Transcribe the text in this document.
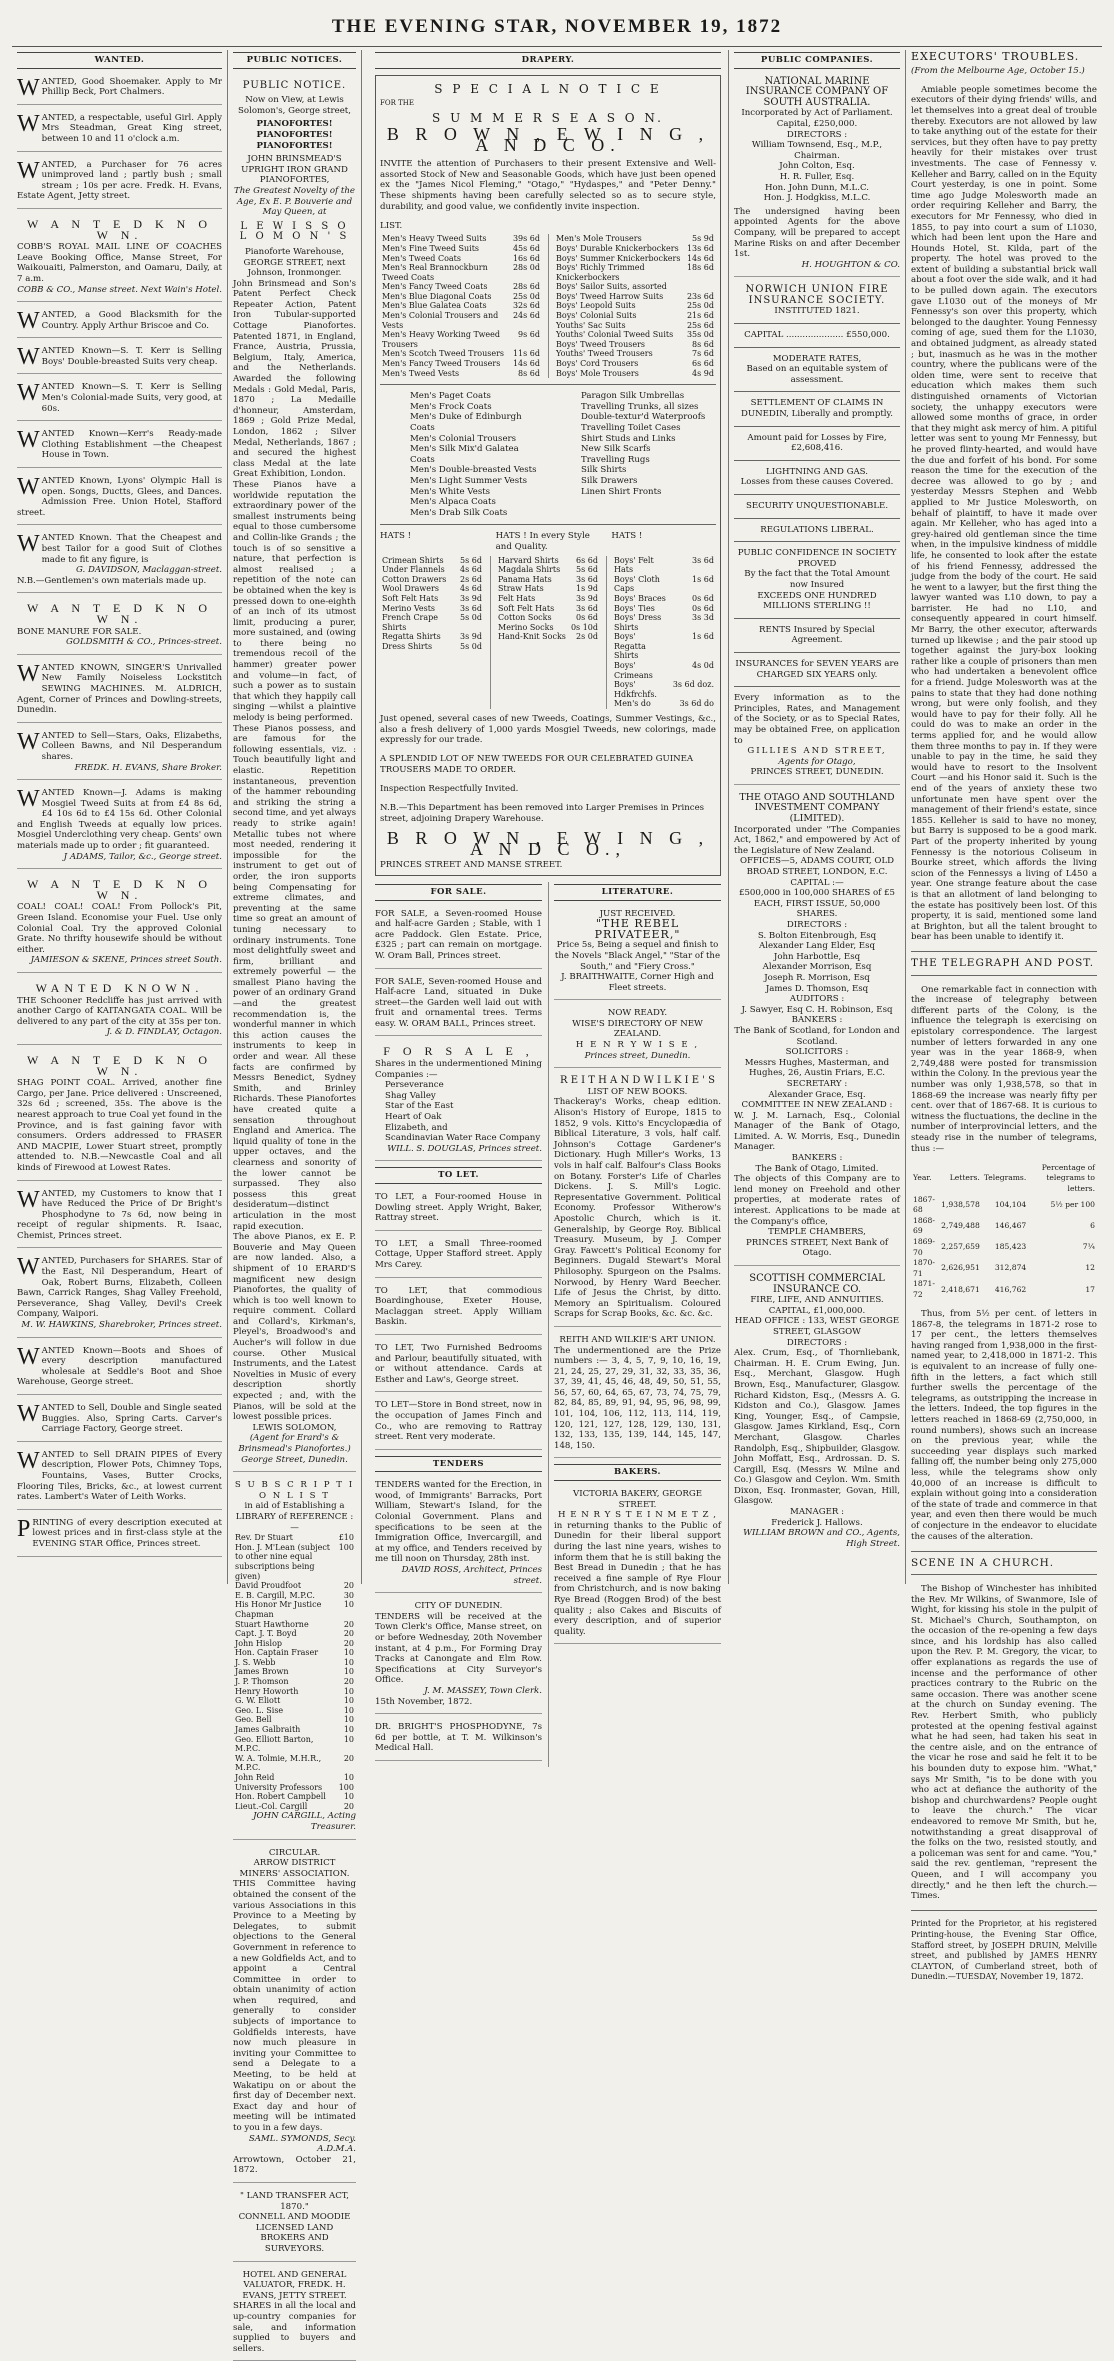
THE EVENING STAR, NOVEMBER 19, 1872
WANTED.

WANTED, Good Shoemaker. Apply to Mr Phillip Beck, Port Chalmers.

WANTED, a respectable, useful Girl. Apply Mrs Steadman, Great King street, between 10 and 11 o'clock a.m.

WANTED, a Purchaser for 76 acres unimproved land ; partly bush ; small stream ; 10s per acre. Fredk. H. Evans, Estate Agent, Jetty street.

W A N T E D K N O W N.

COBB'S ROYAL MAIL LINE OF COACHES Leave Booking Office, Manse Street, For Waikouaiti, Palmerston, and Oamaru, Daily, at 7 a.m.

COBB & CO., Manse street. Next Wain's Hotel.

WANTED, a Good Blacksmith for the Country. Apply Arthur Briscoe and Co.

WANTED Known—S. T. Kerr is Selling Boys' Double-breasted Suits very cheap.

WANTED Known—S. T. Kerr is Selling Men's Colonial-made Suits, very good, at 60s.

WANTED Known—Kerr's Ready-made Clothing Establishment —the Cheapest House in Town.

WANTED Known, Lyons' Olympic Hall is open. Songs, Ductts, Glees, and Dances. Admission Free. Union Hotel, Stafford street.

WANTED Known. That the Cheapest and best Tailor for a good Suit of Clothes made to fit any figure, is

G. DAVIDSON, Maclaggan-street.

N.B.—Gentlemen's own materials made up.

W A N T E D K N O W N.

BONE MANURE FOR SALE.

GOLDSMITH & CO., Princes-street.

WANTED KNOWN, SINGER'S Unrivalled New Family Noiseless Lockstitch SEWING MACHINES. M. ALDRICH, Agent, Corner of Princes and Dowling-streets, Dunedin.

WANTED to Sell—Stars, Oaks, Elizabeths, Colleen Bawns, and Nil Desperandum shares.

FREDK. H. EVANS, Share Broker.

WANTED Known—J. Adams is making Mosgiel Tweed Suits at from £4 8s 6d, £4 10s 6d to £4 15s 6d. Other Colonial and English Tweeds at equally low prices. Mosgiel Underclothing very cheap. Gents' own materials made up to order ; fit guaranteed.

J ADAMS, Tailor, &c., George street.

W A N T E D K N O W N.

COAL! COAL! COAL! From Pollock's Pit, Green Island. Economise your Fuel. Use only Colonial Coal. Try the approved Colonial Grate. No thrifty housewife should be without either.

JAMIESON & SKENE, Princes street South.

WANTED KNOWN.

THE Schooner Redcliffe has just arrived with another Cargo of KAITANGATA COAL. Will be delivered to any part of the city at 35s per ton.

J. & D. FINDLAY, Octagon.

W A N T E D K N O W N.

SHAG POINT COAL. Arrived, another fine Cargo, per Jane. Price delivered : Unscreened, 32s 6d ; screened, 35s. The above is the nearest approach to true Coal yet found in the Province, and is fast gaining favor with consumers. Orders addressed to FRASER AND MACPIE, Lower Stuart street, promptly attended to. N.B.—Newcastle Coal and all kinds of Firewood at Lowest Rates.

WANTED, my Customers to know that I have Reduced the Price of Dr Bright's Phosphodyne to 7s 6d, now being in receipt of regular shipments. R. Isaac, Chemist, Princes street.

WANTED, Purchasers for SHARES. Star of the East, Nil Desperandum, Heart of Oak, Robert Burns, Elizabeth, Colleen Bawn, Carrick Ranges, Shag Valley Freehold, Perseverance, Shag Valley, Devil's Creek Company, Waipori.

M. W. HAWKINS, Sharebroker, Princes street.

WANTED Known—Boots and Shoes of every description manufactured wholesale at Seddle's Boot and Shoe Warehouse, George street.

WANTED to Sell, Double and Single seated Buggies. Also, Spring Carts. Carver's Carriage Factory, George street.

WANTED to Sell DRAIN PIPES of Every description, Flower Pots, Chimney Tops, Fountains, Vases, Butter Crocks, Flooring Tiles, Bricks, &c., at lowest current rates. Lambert's Water of Leith Works.

PRINTING of every description executed at lowest prices and in first-class style at the EVENING STAR Office, Princes street.

PUBLIC NOTICES.
PUBLIC NOTICE.

Now on View, at Lewis Solomon's, George street,

PIANOFORTES! PIANOFORTES! PIANOFORTES!

JOHN BRINSMEAD'S UPRIGHT IRON GRAND PIANOFORTES,

The Greatest Novelty of the Age, Ex E. P. Bouverie and May Queen, at

L E W I S S O L O M O N ' S

Pianoforte Warehouse, GEORGE STREET, next Johnson, Ironmonger.

John Brinsmead and Son's Patent Perfect Check Repeater Action, Patent Iron Tubular-supported Cottage Pianofortes. Patented 1871, in England, France, Austria, Prussia, Belgium, Italy, America, and the Netherlands. Awarded the following Medals : Gold Medal, Paris, 1870 ; La Medaille d'honneur, Amsterdam, 1869 ; Gold Prize Medal, London, 1862 ; Silver Medal, Netherlands, 1867 ; and secured the highest class Medal at the late Great Exhibition, London.

These Pianos have a worldwide reputation the extraordinary power of the smallest instruments being equal to those cumbersome and Collin-like Grands ; the touch is of so sensitive a nature, that perfection is almost realised ; a repetition of the note can be obtained when the key is pressed down to one-eighth of an inch of its utmost limit, producing a purer, more sustained, and (owing to there being no tremendous recoil of the hammer) greater power and volume—in fact, of such a power as to sustain that which they happily call singing —whilst a plaintive melody is being performed.

These Pianos possess, and are famous for the following essentials, viz. : Touch beautifully light and elastic. Repetition instantaneous, prevention of the hammer rebounding and striking the string a second time, and yet always ready to strike again! Metallic tubes not where most needed, rendering it impossible for the instrument to get out of order, the iron supports being Compensating for extreme climates, and preventing at the same time so great an amount of tuning necessary to ordinary instruments. Tone most delightfully sweet and firm, brilliant and extremely powerful — the smallest Piano having the power of an ordinary Grand—and the greatest recommendation is, the wonderful manner in which this action causes the instruments to keep in order and wear. All these facts are confirmed by Messrs Benedict, Sydney Smith, and Brinley Richards. These Pianofortes have created quite a sensation throughout England and America. The liquid quality of tone in the upper octaves, and the clearness and sonority of the lower cannot be surpassed. They also possess this great desideratum—distinct articulation in the most rapid execution.

The above Pianos, ex E. P. Bouverie and May Queen are now landed. Also, a shipment of 10 ERARD'S magnificent new design Pianofortes, the quality of which is too well known to require comment. Collard and Collard's, Kirkman's, Pleyel's, Broadwood's and Aucher's will follow in due course. Other Musical Instruments, and the Latest Novelties in Music of every description shortly expected ; and, with the Pianos, will be sold at the lowest possible prices.

LEWIS SOLOMON,

(Agent for Erard's & Brinsmead's Pianofortes.) George Street, Dunedin.

S U B S C R I P T I O N L I S T

in aid of Establishing a LIBRARY of REFERENCE :—

Rev. Dr Stuart	£10
Hon. J. M'Lean (subject to other nine equal subscriptions being given)	100
David Proudfoot	20
E. B. Cargill, M.P.C.	30
His Honor Mr Justice Chapman	10
Stuart Hawthorne	20
Capt. J. T. Boyd	20
John Hislop	20
Hon. Captain Fraser	10
J. S. Webb	10
James Brown	10
J. P. Thomson	20
Henry Howorth	10
G. W. Eliott	10
Geo. L. Sise	10
Geo. Bell	10
James Galbraith	10
Geo. Elliott Barton, M.P.C.	10
W. A. Tolmie, M.H.R., M.P.C.	20
John Reid	10
University Professors	100
Hon. Robert Campbell	10
Lieut.-Col. Cargill	20

JOHN CARGILL, Acting Treasurer.

CIRCULAR.

ARROW DISTRICT MINERS' ASSOCIATION.

THIS Committee having obtained the consent of the various Associations in this Province to a Meeting by Delegates, to submit objections to the General Government in reference to a new Goldfields Act, and to appoint a Central Committee in order to obtain unanimity of action when required, and generally to consider subjects of importance to Goldfields interests, have now much pleasure in inviting your Committee to send a Delegate to a Meeting, to be held at Wakatipu on or about the first day of December next. Exact day and hour of meeting will be intimated to you in a few days.

SAML. SYMONDS, Secy. A.D.M.A.

Arrowtown, October 21, 1872.

" LAND TRANSFER ACT, 1870."

CONNELL AND MOODIE LICENSED LAND BROKERS AND SURVEYORS.

HOTEL AND GENERAL VALUATOR, FREDK. H. EVANS, JETTY STREET.

SHARES in all the local and up-country companies for sale, and information supplied to buyers and sellers.

DRAPERY.
S P E C I A L N O T I C E
FOR THE
S U M M E R S E A S O N.
B R O W N , E W I N G , A N D C O.

INVITE the attention of Purchasers to their present Extensive and Well-assorted Stock of New and Seasonable Goods, which have just been opened ex the "James Nicol Fleming," "Otago," "Hydaspes," and "Peter Denny." These shipments having been carefully selected so as to secure style, durability, and good value, we confidently invite inspection.

LIST.
Men's Heavy Tweed Suits	39s 6d
Men's Fine Tweed Suits	45s 6d
Men's Tweed Coats	16s 6d
Men's Real Brannockburn Tweed Coats	28s 0d
Men's Fancy Tweed Coats	28s 6d
Men's Blue Diagonal Coats	25s 0d
Men's Blue Galatea Coats	32s 6d
Men's Colonial Trousers and Vests	24s 6d
Men's Heavy Working Tweed Trousers	9s 6d
Men's Scotch Tweed Trousers	11s 6d
Men's Fancy Tweed Trousers	14s 6d
Men's Tweed Vests	8s 6d
Men's Mole Trousers	5s 9d
Boys' Durable Knickerbockers	13s 6d
Boys' Summer Knickerbockers	14s 6d
Boys' Richly Trimmed Knickerbockers	18s 6d
Boys' Sailor Suits, assorted	
Boys' Tweed Harrow Suits	23s 6d
Boys' Leopold Suits	25s 0d
Boys' Colonial Suits	21s 6d
Youths' Sac Suits	25s 6d
Youths' Colonial Tweed Suits	35s 0d
Boys' Tweed Trousers	8s 6d
Youths' Tweed Trousers	7s 6d
Boys' Cord Trousers	6s 6d
Boys' Mole Trousers	4s 9d
Men's Paget Coats
Men's Frock Coats
Men's Duke of Edinburgh Coats
Men's Colonial Trousers
Men's Silk Mix'd Galatea Coats
Men's Double-breasted Vests
Men's Light Summer Vests
Men's White Vests
Men's Alpaca Coats
Men's Drab Silk Coats
Paragon Silk Umbrellas
Travelling Trunks, all sizes
Double-textur'd Waterproofs
Travelling Toilet Cases
Shirt Studs and Links
New Silk Scarfs
Travelling Rugs
Silk Shirts
Silk Drawers
Linen Shirt Fronts
HATS !	HATS ! In every Style and Quality.
HATS !
Crimean Shirts	5s 6d
Under Flannels	4s 6d
Cotton Drawers	2s 6d
Wool Drawers	4s 6d
Soft Felt Hats	3s 9d
Merino Vests	3s 6d
French Crape Shirts	5s 0d
Regatta Shirts	3s 9d
Dress Shirts	5s 0d
Harvard Shirts	6s 6d
Magdala Shirts	5s 6d
Panama Hats	3s 6d
Straw Hats	1s 9d
Felt Hats	3s 9d
Soft Felt Hats	3s 6d
Cotton Socks	0s 6d
Merino Socks	0s 10d
Hand-Knit Socks	2s 0d
Boys' Felt Hats	3s 6d
Boys' Cloth Caps	1s 6d
Boys' Braces	0s 6d
Boys' Ties	0s 6d
Boys' Dress Shirts	3s 3d
Boys' Regatta Shirts	1s 6d
Boys' Crimeans	4s 0d
Boys' Hdkfrchfs.	3s 6d doz.
Men's do	3s 6d do

Just opened, several cases of new Tweeds, Coatings, Summer Vestings, &c., also a fresh delivery of 1,000 yards Mosgiel Tweeds, new colorings, made expressly for our trade.

A SPLENDID LOT OF NEW TWEEDS FOR OUR CELEBRATED GUINEA TROUSERS MADE TO ORDER.

Inspection Respectfully Invited.

N.B.—This Department has been removed into Larger Premises in Princes street, adjoining Drapery Warehouse.

B R O W N , E W I N G , A N D C O.,
PRINCES STREET AND MANSE STREET.
FOR SALE.

FOR SALE, a Seven-roomed House and half-acre Garden ; Stable, with 1 acre Paddock. Glen Estate. Price, £325 ; part can remain on mortgage. W. Oram Ball, Princes street.

FOR SALE, Seven-roomed House and Half-acre Land, situated in Duke street—the Garden well laid out with fruit and ornamental trees. Terms easy. W. ORAM BALL, Princes street.

F O R S A L E ,

Shares in the undermentioned Mining Companies :—

Perseverance
Shag Valley
Star of the East
Heart of Oak
Elizabeth, and
Scandinavian Water Race Company

WILL. S. DOUGLAS, Princes street.

TO LET.

TO LET, a Four-roomed House in Dowling street. Apply Wright, Baker, Rattray street.

TO LET, a Small Three-roomed Cottage, Upper Stafford street. Apply Mrs Carey.

TO LET, that commodious Boardinghouse, Exeter House, Maclaggan street. Apply William Baskin.

TO LET, Two Furnished Bedrooms and Parlour, beautifully situated, with or without attendance. Cards at Esther and Law's, George street.

TO LET—Store in Bond street, now in the occupation of James Finch and Co., who are removing to Rattray street. Rent very moderate.

TENDERS

TENDERS wanted for the Erection, in wood, of Immigrants' Barracks, Port William, Stewart's Island, for the Colonial Government. Plans and specifications to be seen at the Immigration Office, Invercargill, and at my office, and Tenders received by me till noon on Thursday, 28th inst.

DAVID ROSS, Architect, Princes street.

CITY OF DUNEDIN.

TENDERS will be received at the Town Clerk's Office, Manse street, on or before Wednesday, 20th November instant, at 4 p.m., For Forming Dray Tracks at Canongate and Elm Row. Specifications at City Surveyor's Office.

J. M. MASSEY, Town Clerk.

15th November, 1872.

DR. BRIGHT'S PHOSPHODYNE, 7s 6d per bottle, at T. M. Wilkinson's Medical Hall.

LITERATURE.

JUST RECEIVED.

"THE REBEL PRIVATEER,"

Price 5s, Being a sequel and finish to the Novels "Black Angel," "Star of the South," and "Fiery Cross."

J. BRAITHWAITE, Corner High and Fleet streets.

NOW READY.

WISE'S DIRECTORY OF NEW ZEALAND.

H E N R Y W I S E ,

Princes street, Dunedin.

R E I T H A N D W I L K I E ' S

LIST OF NEW BOOKS.

Thackeray's Works, cheap edition. Alison's History of Europe, 1815 to 1852, 9 vols. Kitto's Encyclopædia of Biblical Literature, 3 vols, half calf. Johnson's Cottage Gardener's Dictionary. Hugh Miller's Works, 13 vols in half calf. Balfour's Class Books on Botany. Forster's Life of Charles Dickens. J. S. Mill's Logic. Representative Government. Political Economy. Professor Witherow's Apostolic Church, which is it. Generalship, by George Roy. Biblical Treasury. Museum, by J. Comper Gray. Fawcett's Political Economy for Beginners. Dugald Stewart's Moral Philosophy. Spurgeon on the Psalms. Norwood, by Henry Ward Beecher. Life of Jesus the Christ, by ditto. Memory an Spiritualism. Coloured Scraps for Scrap Books, &c. &c. &c.

REITH AND WILKIE'S ART UNION.

The undermentioned are the Prize numbers :— 3, 4, 5, 7, 9, 10, 16, 19, 21, 24, 25, 27, 29, 31, 32, 33, 35, 36, 37, 39, 41, 45, 46, 48, 49, 50, 51, 55, 56, 57, 60, 64, 65, 67, 73, 74, 75, 79, 82, 84, 85, 89, 91, 94, 95, 96, 98, 99, 101, 104, 106, 112, 113, 114, 119, 120, 121, 127, 128, 129, 130, 131, 132, 133, 135, 139, 144, 145, 147, 148, 150.

BAKERS.

VICTORIA BAKERY, GEORGE STREET.

H E N R Y S T E I N M E T Z ,

in returning thanks to the Public of Dunedin for their liberal support during the last nine years, wishes to inform them that he is still baking the Best Bread in Dunedin ; that he has received a fine sample of Rye Flour from Christchurch, and is now baking Rye Bread (Roggen Brod) of the best quality ; also Cakes and Biscuits of every description, and of superior quality.

PUBLIC COMPANIES.

NATIONAL MARINE INSURANCE COMPANY OF SOUTH AUSTRALIA.

Incorporated by Act of Parliament.

Capital, £250,000.

DIRECTORS :

William Townsend, Esq., M.P., Chairman.
John Colton, Esq.
H. R. Fuller, Esq.
Hon. John Dunn, M.L.C.
Hon. J. Hodgkiss, M.L.C.

The undersigned having been appointed Agents for the above Company, will be prepared to accept Marine Risks on and after December 1st.

H. HOUGHTON & CO.

NORWICH UNION FIRE INSURANCE SOCIETY.

INSTITUTED 1821.

CAPITAL ..................... £550,000.

MODERATE RATES,

Based on an equitable system of assessment.

SETTLEMENT OF CLAIMS IN DUNEDIN, Liberally and promptly.

Amount paid for Losses by Fire, £2,608,416.

LIGHTNING AND GAS.

Losses from these causes Covered.

SECURITY UNQUESTIONABLE.

REGULATIONS LIBERAL.

PUBLIC CONFIDENCE IN SOCIETY PROVED

By the fact that the Total Amount now Insured

EXCEEDS ONE HUNDRED MILLIONS STERLING !!

RENTS Insured by Special Agreement.

INSURANCES for SEVEN YEARS are CHARGED SIX YEARS only.

Every information as to the Principles, Rates, and Management of the Society, or as to Special Rates, may be obtained Free, on application to

GILLIES AND STREET,

Agents for Otago,

PRINCES STREET, DUNEDIN.

THE OTAGO AND SOUTHLAND INVESTMENT COMPANY (LIMITED).

Incorporated under "The Companies Act, 1862," and empowered by Act of the Legislature of New Zealand.

OFFICES—5, ADAMS COURT, OLD BROAD STREET, LONDON, E.C.

CAPITAL :—

£500,000 in 100,000 SHARES of £5 EACH, FIRST ISSUE, 50,000 SHARES.

DIRECTORS :

S. Bolton Eitenbrough, Esq
Alexander Lang Elder, Esq
John Harbottle, Esq
Alexander Morrison, Esq
Joseph R. Morrison, Esq
James D. Thomson, Esq

AUDITORS :

J. Sawyer, Esq C. H. Robinson, Esq

BANKERS :

The Bank of Scotland, for London and Scotland.

SOLICITORS :

Messrs Hughes, Masterman, and Hughes, 26, Austin Friars, E.C.

SECRETARY :

Alexander Grace, Esq.

COMMITTEE IN NEW ZEALAND :

W. J. M. Larnach, Esq., Colonial Manager of the Bank of Otago, Limited. A. W. Morris, Esq., Dunedin Manager.

BANKERS :

The Bank of Otago, Limited.

The objects of this Company are to lend money on Freehold and other properties, at moderate rates of interest. Applications to be made at the Company's office,

TEMPLE CHAMBERS,

PRINCES STREET, Next Bank of Otago.

SCOTTISH COMMERCIAL INSURANCE CO.

FIRE, LIFE, AND ANNUITIES.

CAPITAL, £1,000,000.

HEAD OFFICE : 133, WEST GEORGE STREET, GLASGOW

DIRECTORS :

Alex. Crum, Esq., of Thornliebank, Chairman. H. E. Crum Ewing, Jun. Esq., Merchant, Glasgow. Hugh Brown, Esq., Manufacturer, Glasgow. Richard Kidston, Esq., (Messrs A. G. Kidston and Co.), Glasgow. James King, Younger, Esq., of Campsie, Glasgow. James Kirkland, Esq., Corn Merchant, Glasgow. Charles Randolph, Esq., Shipbuilder, Glasgow. John Moffatt, Esq., Ardrossan. D. S. Cargill, Esq. (Messrs W. Milne and Co.) Glasgow and Ceylon. Wm. Smith Dixon, Esq. Ironmaster, Govan, Hill, Glasgow.

MANAGER :

Frederick J. Hallows.

WILLIAM BROWN and CO., Agents, High Street.

EXECUTORS' TROUBLES.

(From the Melbourne Age, October 15.)

Amiable people sometimes become the executors of their dying friends' wills, and let themselves into a great deal of trouble thereby. Executors are not allowed by law to take anything out of the estate for their services, but they often have to pay pretty heavily for their mistakes over trust investments. The case of Fennessy v. Kelleher and Barry, called on in the Equity Court yesterday, is one in point. Some time ago Judge Molesworth made an order requiring Kelleher and Barry, the executors for Mr Fennessy, who died in 1855, to pay into court a sum of L1030, which had been lent upon the Hare and Hounds Hotel, St. Kilda, part of the property. The hotel was proved to the extent of building a substantial brick wall about a foot over the side walk, and it had to be pulled down again. The executors gave L1030 out of the moneys of Mr Fennessy's son over this property, which belonged to the daughter. Young Fennessy coming of age, sued them for the L1030, and obtained judgment, as already stated ; but, inasmuch as he was in the mother country, where the publicans were of the olden time, were sent to receive that education which makes them such distinguished ornaments of Victorian society, the unhappy executors were allowed some months of grace, in order that they might ask mercy of him. A pitiful letter was sent to young Mr Fennessy, but he proved flinty-hearted, and would have the due and forfeit of his bond. For some reason the time for the execution of the decree was allowed to go by ; and yesterday Messrs Stephen and Webb applied to Mr Justice Molesworth, on behalf of plaintiff, to have it made over again. Mr Kelleher, who has aged into a grey-haired old gentleman since the time when, in the impulsive kindness of middle life, he consented to look after the estate of his friend Fennessy, addressed the judge from the body of the court. He said he went to a lawyer, but the first thing the lawyer wanted was L10 down, to pay a barrister. He had no L10, and consequently appeared in court himself. Mr Barry, the other executor, afterwards turned up likewise ; and the pair stood up together against the jury-box looking rather like a couple of prisoners than men who had undertaken a benevolent office for a friend. Judge Molesworth was at the pains to state that they had done nothing wrong, but were only foolish, and they would have to pay for their folly. All he could do was to make an order in the terms applied for, and he would allow them three months to pay in. If they were unable to pay in the time, he said they would have to resort to the Insolvent Court —and his Honor said it. Such is the end of the years of anxiety these two unfortunate men have spent over the management of their friend's estate, since 1855. Kelleher is said to have no money, but Barry is supposed to be a good mark. Part of the property inherited by young Fennessy is the notorious Coliseum in Bourke street, which affords the living scion of the Fennessys a living of L450 a year. One strange feature about the case is that an allotment of land belonging to the estate has positively been lost. Of this property, it is said, mentioned some land at Brighton, but all the talent brought to bear has been unable to identify it.

THE TELEGRAPH AND POST.

One remarkable fact in connection with the increase of telegraphy between different parts of the Colony, is the influence the telegraph is exercising on epistolary correspondence. The largest number of letters forwarded in any one year was in the year 1868-9, when 2,749,488 were posted for transmission within the Colony. In the previous year the number was only 1,938,578, so that in 1868-69 the increase was nearly fifty per cent. over that of 1867-68. It is curious to witness the fluctuations, the decline in the number of interprovincial letters, and the steady rise in the number of telegrams, thus :—

Year.	Letters.	Telegrams.	Percentage of telegrams to letters.
1867-68	1,938,578	104,104	5½ per 100
1868-69	2,749,488	146,467	6
1869-70	2,257,659	185,423	7¼
1870-71	2,626,951	312,874	12
1871-72	2,418,671	416,762	17

Thus, from 5½ per cent. of letters in 1867-8, the telegrams in 1871-2 rose to 17 per cent., the letters themselves having ranged from 1,938,000 in the first-named year, to 2,418,000 in 1871-2. This is equivalent to an increase of fully one-fifth in the letters, a fact which still further swells the percentage of the telegrams, as outstripping the increase in the letters. Indeed, the top figures in the letters reached in 1868-69 (2,750,000, in round numbers), shows such an increase on the previous year, while the succeeding year displays such marked falling off, the number being only 275,000 less, while the telegrams show only 40,000 of an increase is difficult to explain without going into a consideration of the state of trade and commerce in that year, and even then there would be much of conjecture in the endeavor to elucidate the causes of the alteration.

SCENE IN A CHURCH.

The Bishop of Winchester has inhibited the Rev. Mr Wilkins, of Swanmore, Isle of Wight, for kissing his stole in the pulpit of St. Michael's Church, Southampton, on the occasion of the re-opening a few days since, and his lordship has also called upon the Rev. P. M. Gregory, the vicar, to offer explanations as regards the use of incense and the performance of other practices contrary to the Rubric on the same occasion. There was another scene at the church on Sunday evening. The Rev. Herbert Smith, who publicly protested at the opening festival against what he had seen, had taken his seat in the centre aisle, and on the entrance of the vicar he rose and said he felt it to be his bounden duty to expose him. "What," says Mr Smith, "is to be done with you who act at defiance the authority of the bishop and churchwardens? People ought to leave the church." The vicar endeavored to remove Mr Smith, but he, notwithstanding a great disapproval of the folks on the two, resisted stoutly, and a policeman was sent for and came. "You," said the rev. gentleman, "represent the Queen, and I will accompany you directly," and he then left the church.—Times.

Printed for the Proprietor, at his registered Printing-house, the Evening Star Office, Stafford street, by JOSEPH DRUIN, Melville street, and published by JAMES HENRY CLAYTON, of Cumberland street, both of Dunedin.—TUESDAY, November 19, 1872.
